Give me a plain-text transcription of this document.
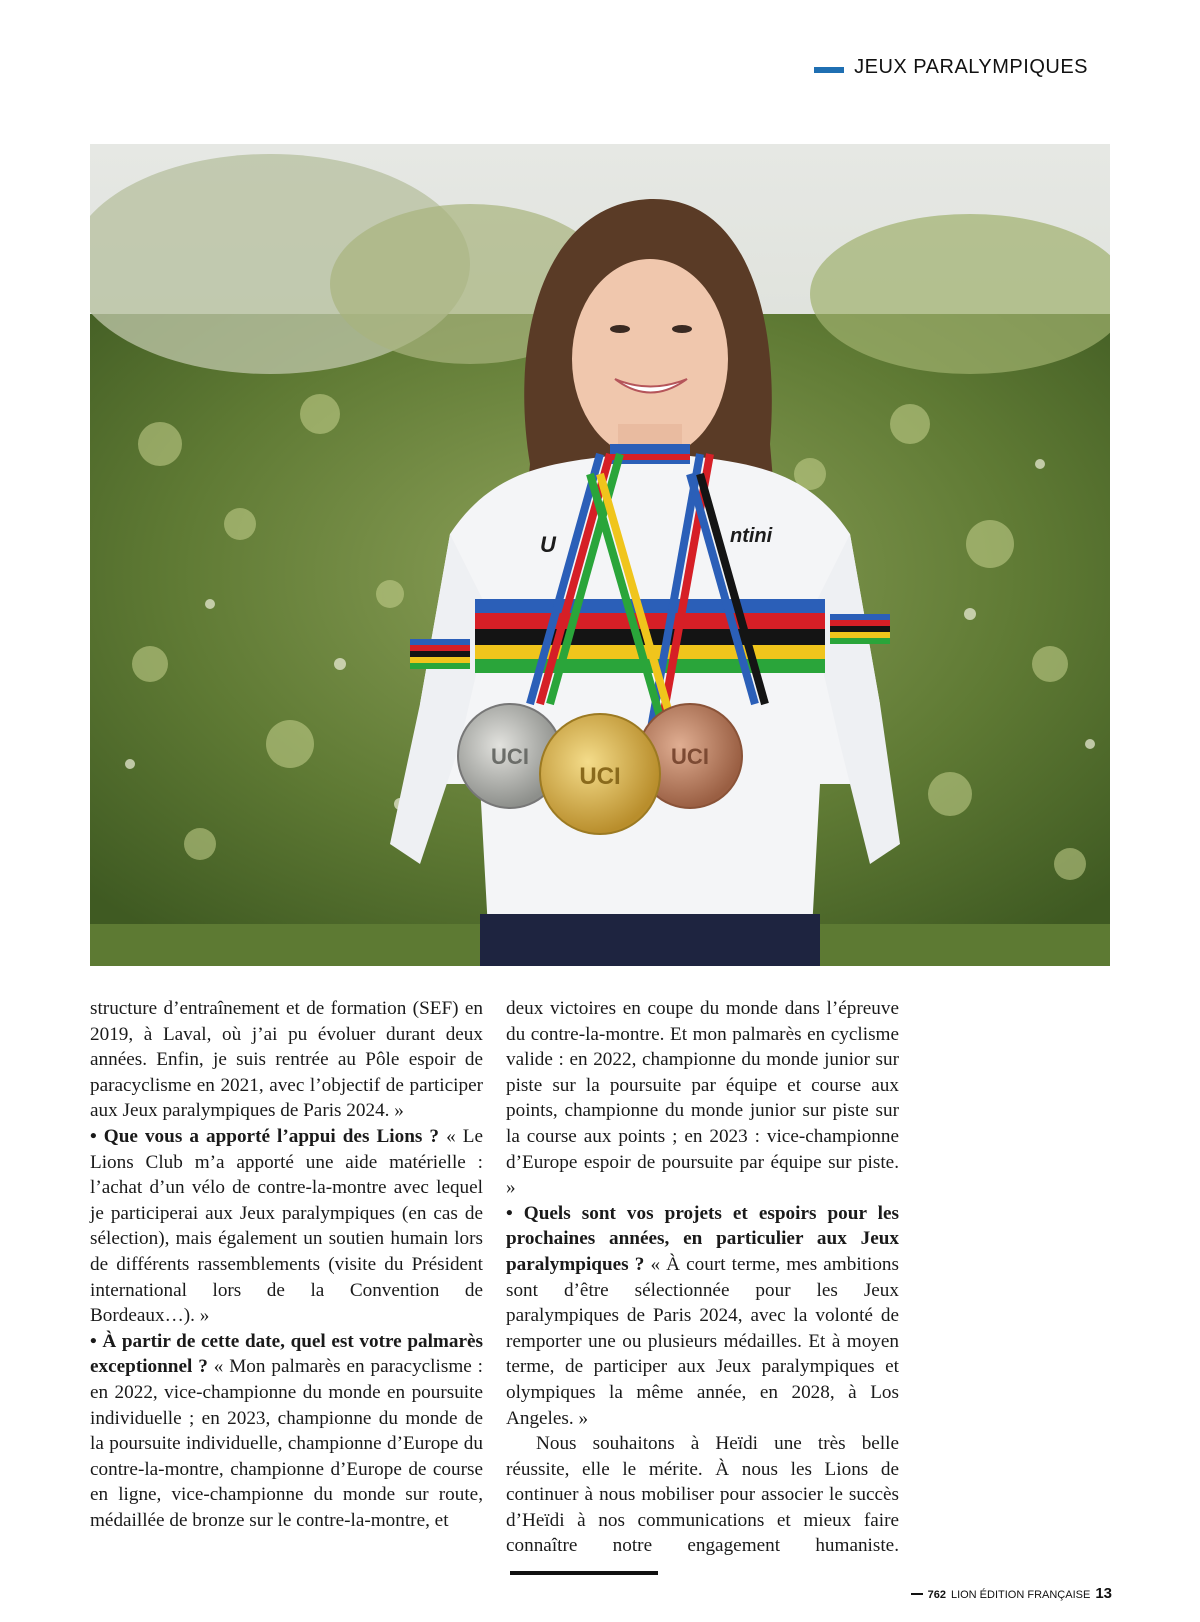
JEUX PARALYMPIQUES
U	ntini
UCI	UCI
UCI

structure d’entraînement et de formation (SEF) en 2019, à Laval, où j’ai pu évoluer durant deux années. Enfin, je suis rentrée au Pôle espoir de paracyclisme en 2021, avec l’objectif de participer aux Jeux paralympiques de Paris 2024. »

• Que vous a apporté l’appui des Lions ? « Le Lions Club m’a apporté une aide matérielle : l’achat d’un vélo de contre-la-montre avec lequel je participerai aux Jeux paralympiques (en cas de sélection), mais également un soutien humain lors de différents rassemblements (visite du Président international lors de la Convention de Bordeaux…). »

• À partir de cette date, quel est votre palmarès exceptionnel ? « Mon palmarès en paracyclisme : en 2022, vice-championne du monde en poursuite individuelle ; en 2023, championne du monde de la poursuite individuelle, championne d’Europe du contre-la-montre, championne d’Europe de course en ligne, vice-championne du monde sur route, médaillée de bronze sur le contre-la-montre, et

deux victoires en coupe du monde dans l’épreuve du contre-la-montre. Et mon palmarès en cyclisme valide : en 2022, championne du monde junior sur piste sur la poursuite par équipe et course aux points, championne du monde junior sur piste sur la course aux points ; en 2023 : vice-championne d’Europe espoir de poursuite par équipe sur piste. »

• Quels sont vos projets et espoirs pour les prochaines années, en particulier aux Jeux paralympiques ? « À court terme, mes ambitions sont d’être sélectionnée pour les Jeux paralympiques de Paris 2024, avec la volonté de remporter une ou plusieurs médailles. Et à moyen terme, de participer aux Jeux paralympiques et olympiques la même année, en 2028, à Los Angeles. »

Nous souhaitons à Heïdi une très belle réussite, elle le mérite. À nous les Lions de continuer à nous mobiliser pour associer le succès d’Heïdi à nos communications et mieux faire connaître notre engagement humaniste.

762 LION ÉDITION FRANÇAISE 13
